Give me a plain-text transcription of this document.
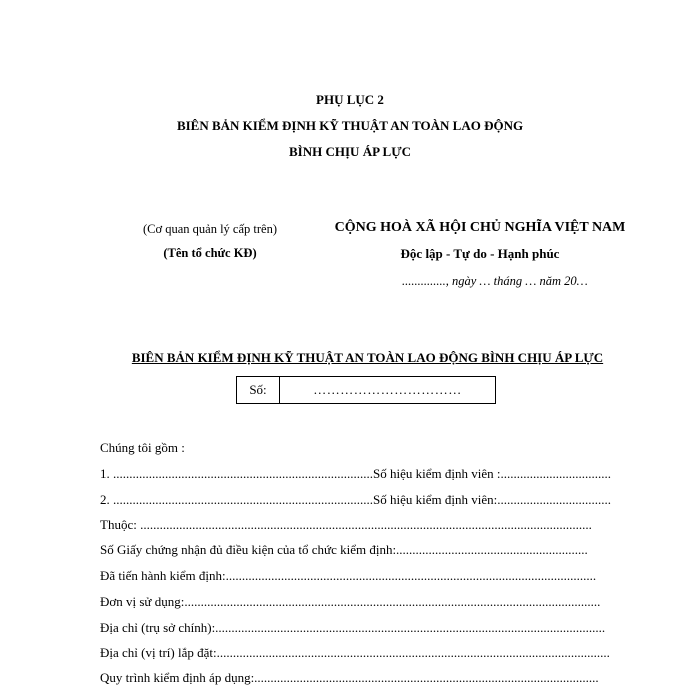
PHỤ LỤC 2
BIÊN BẢN KIỂM ĐỊNH KỸ THUẬT AN TOÀN LAO ĐỘNG
BÌNH CHỊU ÁP LỰC
(Cơ quan quản lý cấp trên)
(Tên tổ chức KĐ)
CỘNG HOÀ XÃ HỘI CHỦ NGHĨA VIỆT NAM
Độc lập - Tự do - Hạnh phúc
.............., ngày … tháng … năm 20…
BIÊN BẢN KIỂM ĐỊNH KỸ THUẬT AN TOÀN LAO ĐỘNG BÌNH CHỊU ÁP LỰC
Số:	……………………………
Chúng tôi gồm :
1. ................................................................................Số hiệu kiểm định viên :..................................
2. ................................................................................Số hiệu kiểm định viên:...................................
Thuộc: ...........................................................................................................................................
Số Giấy chứng nhận đủ điều kiện của tổ chức kiểm định:...........................................................
Đã tiến hành kiểm định:..................................................................................................................
Đơn vị sử dụng:................................................................................................................................
Địa chỉ (trụ sở chính):........................................................................................................................
Địa chỉ (vị trí) lắp đặt:.........................................................................................................................
Quy trình kiểm định áp dụng:..........................................................................................................
